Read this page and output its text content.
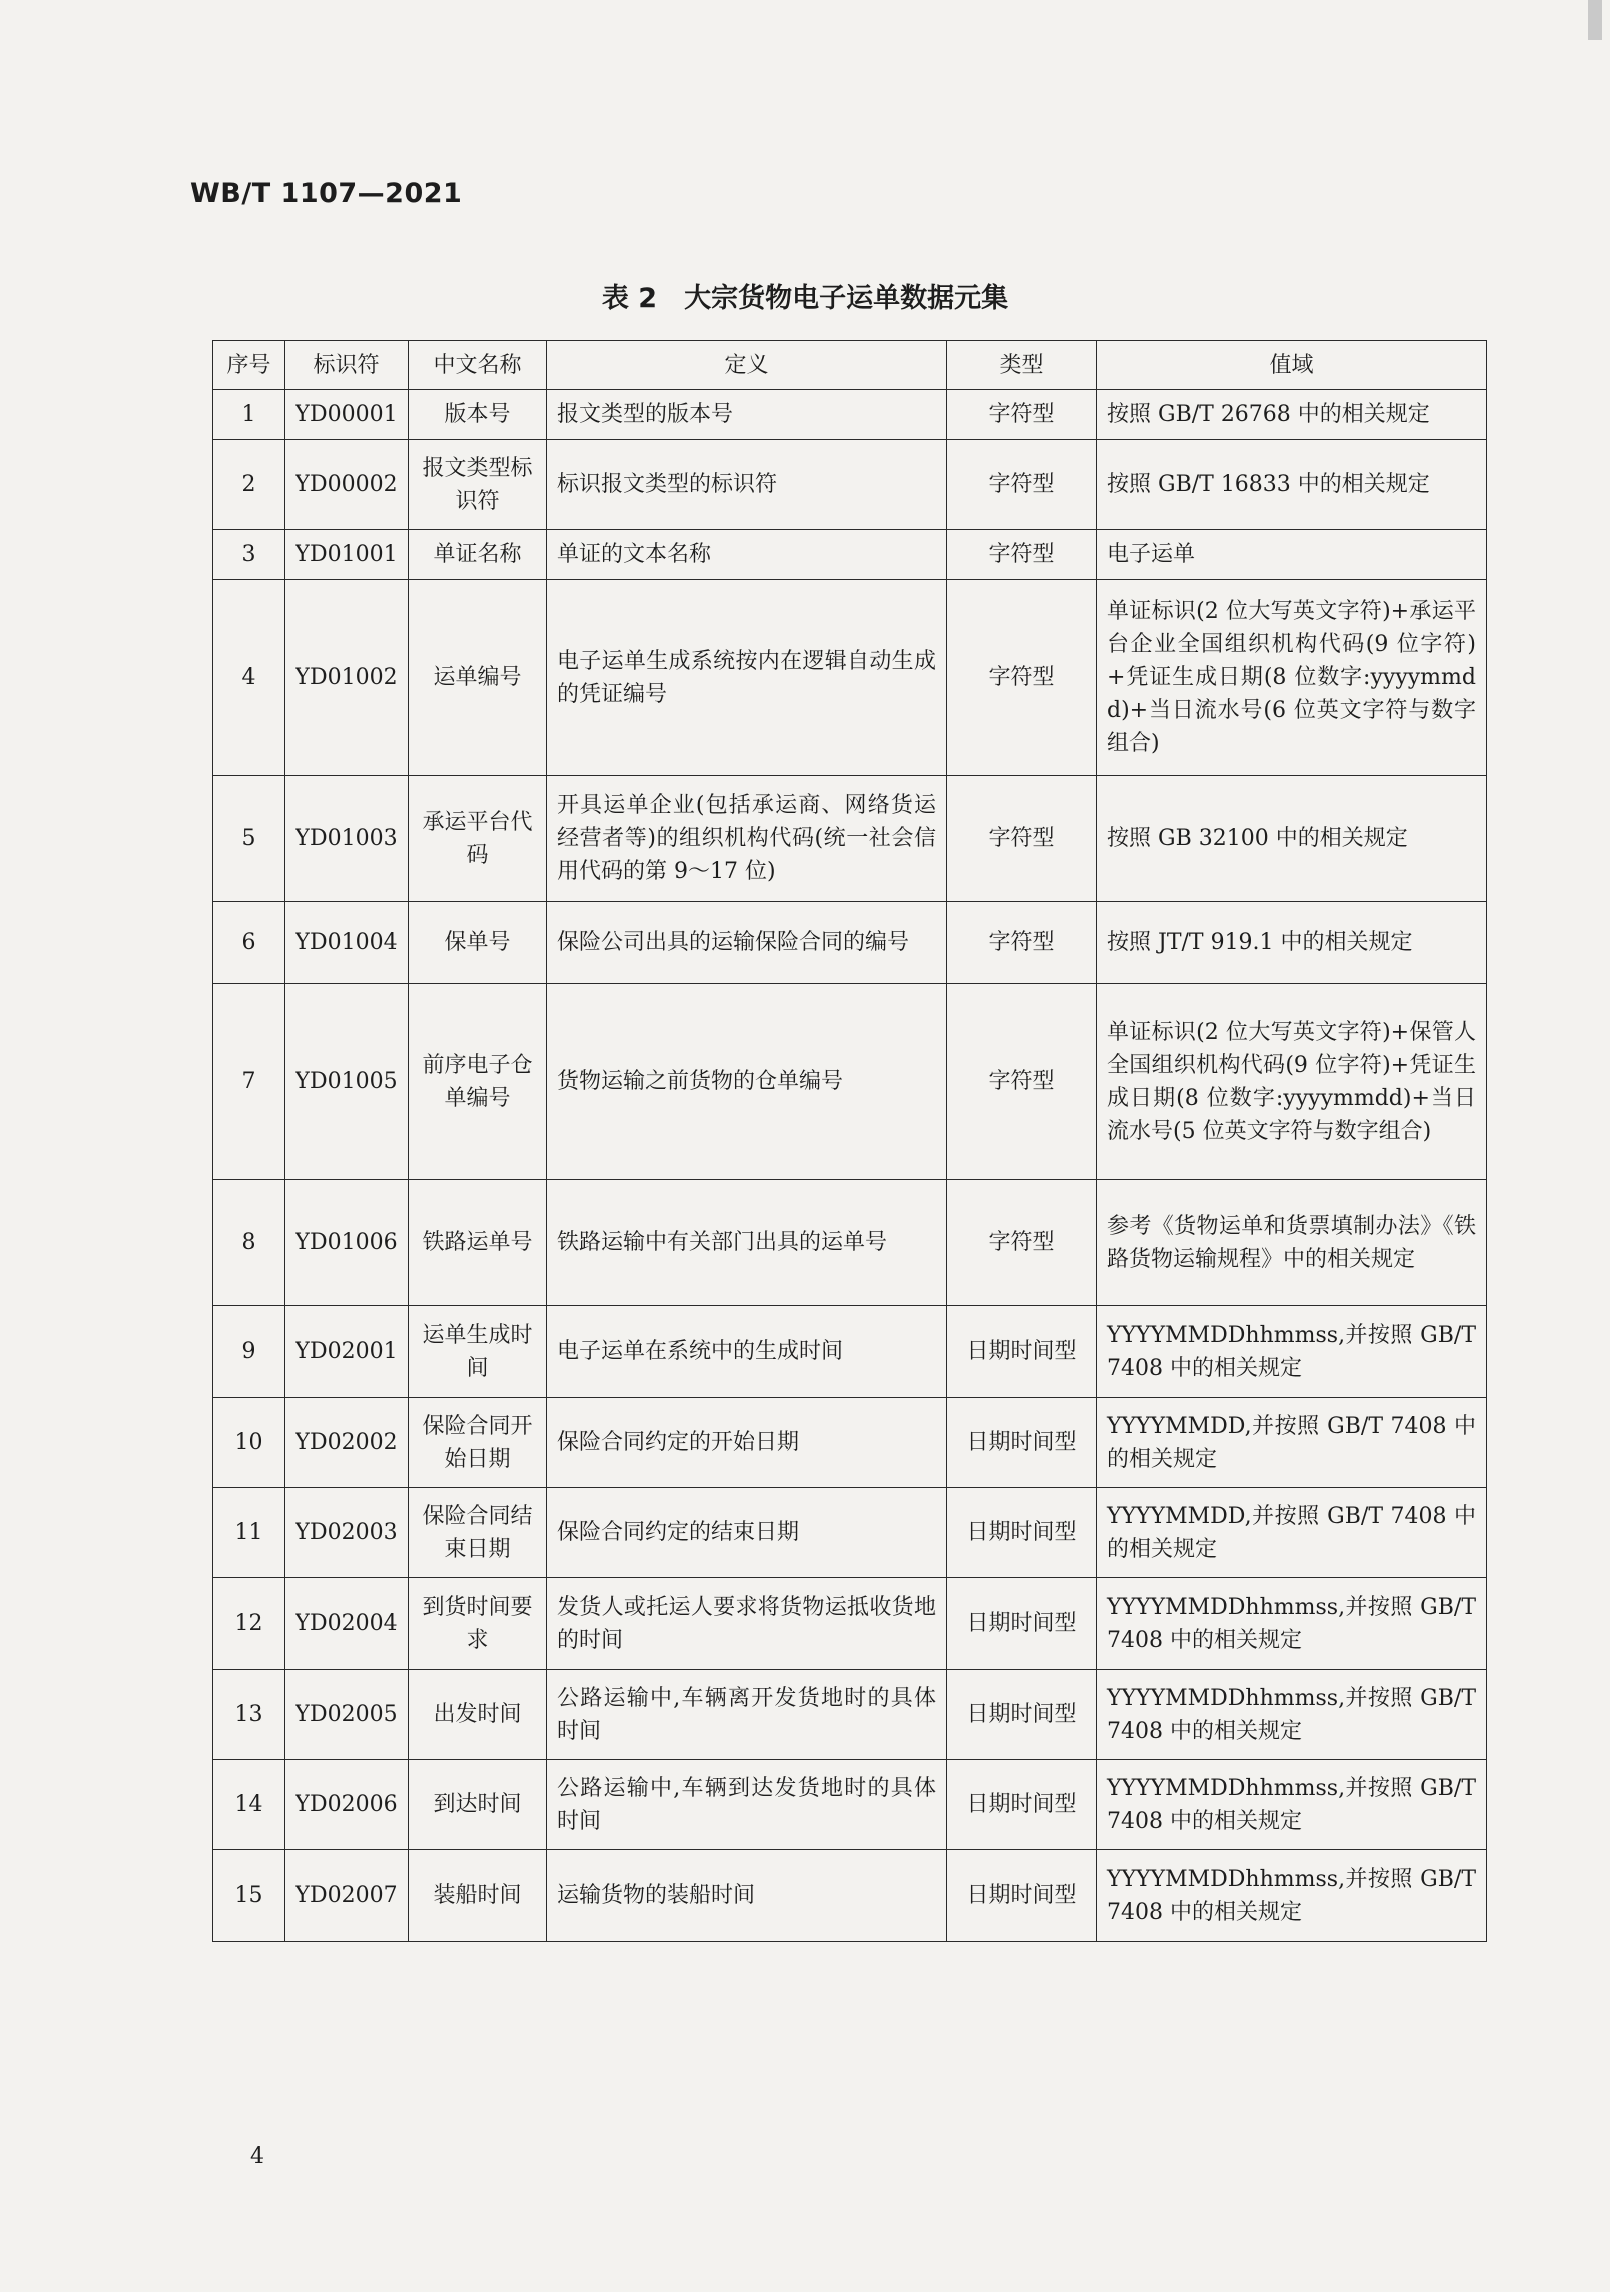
WB/T 1107—2021
表 2　大宗货物电子运单数据元集
序号	标识符	中文名称	定义	类型	值域
1	YD00001	版本号	报文类型的版本号	字符型	按照 GB/T 26768 中的相关规定
2	YD00002	报文类型标识符	标识报文类型的标识符	字符型	按照 GB/T 16833 中的相关规定
3	YD01001	单证名称	单证的文本名称	字符型	电子运单
4	YD01002	运单编号	电子运单生成系统按内在逻辑自动生成的凭证编号	字符型	单证标识(2 位大写英文字符)+承运平台企业全国组织机构代码(9 位字符)+凭证生成日期(8 位数字:yyyymmdd)+当日流水号(6 位英文字符与数字组合)
5	YD01003	承运平台代码	开具运单企业(包括承运商、网络货运经营者等)的组织机构代码(统一社会信用代码的第 9～17 位)	字符型	按照 GB 32100 中的相关规定
6	YD01004	保单号	保险公司出具的运输保险合同的编号	字符型	按照 JT/T 919.1 中的相关规定
7	YD01005	前序电子仓单编号	货物运输之前货物的仓单编号	字符型	单证标识(2 位大写英文字符)+保管人全国组织机构代码(9 位字符)+凭证生成日期(8 位数字:yyyymmdd)+当日流水号(5 位英文字符与数字组合)
8	YD01006	铁路运单号	铁路运输中有关部门出具的运单号	字符型	参考《货物运单和货票填制办法》《铁路货物运输规程》中的相关规定
9	YD02001	运单生成时间	电子运单在系统中的生成时间	日期时间型	YYYYMMDDhhmmss,并按照 GB/T 7408 中的相关规定
10	YD02002	保险合同开始日期	保险合同约定的开始日期	日期时间型	YYYYMMDD,并按照 GB/T 7408 中的相关规定
11	YD02003	保险合同结束日期	保险合同约定的结束日期	日期时间型	YYYYMMDD,并按照 GB/T 7408 中的相关规定
12	YD02004	到货时间要求	发货人或托运人要求将货物运抵收货地的时间	日期时间型	YYYYMMDDhhmmss,并按照 GB/T 7408 中的相关规定
13	YD02005	出发时间	公路运输中,车辆离开发货地时的具体时间	日期时间型	YYYYMMDDhhmmss,并按照 GB/T 7408 中的相关规定
14	YD02006	到达时间	公路运输中,车辆到达发货地时的具体时间	日期时间型	YYYYMMDDhhmmss,并按照 GB/T 7408 中的相关规定
15	YD02007	装船时间	运输货物的装船时间	日期时间型	YYYYMMDDhhmmss,并按照 GB/T 7408 中的相关规定
4
